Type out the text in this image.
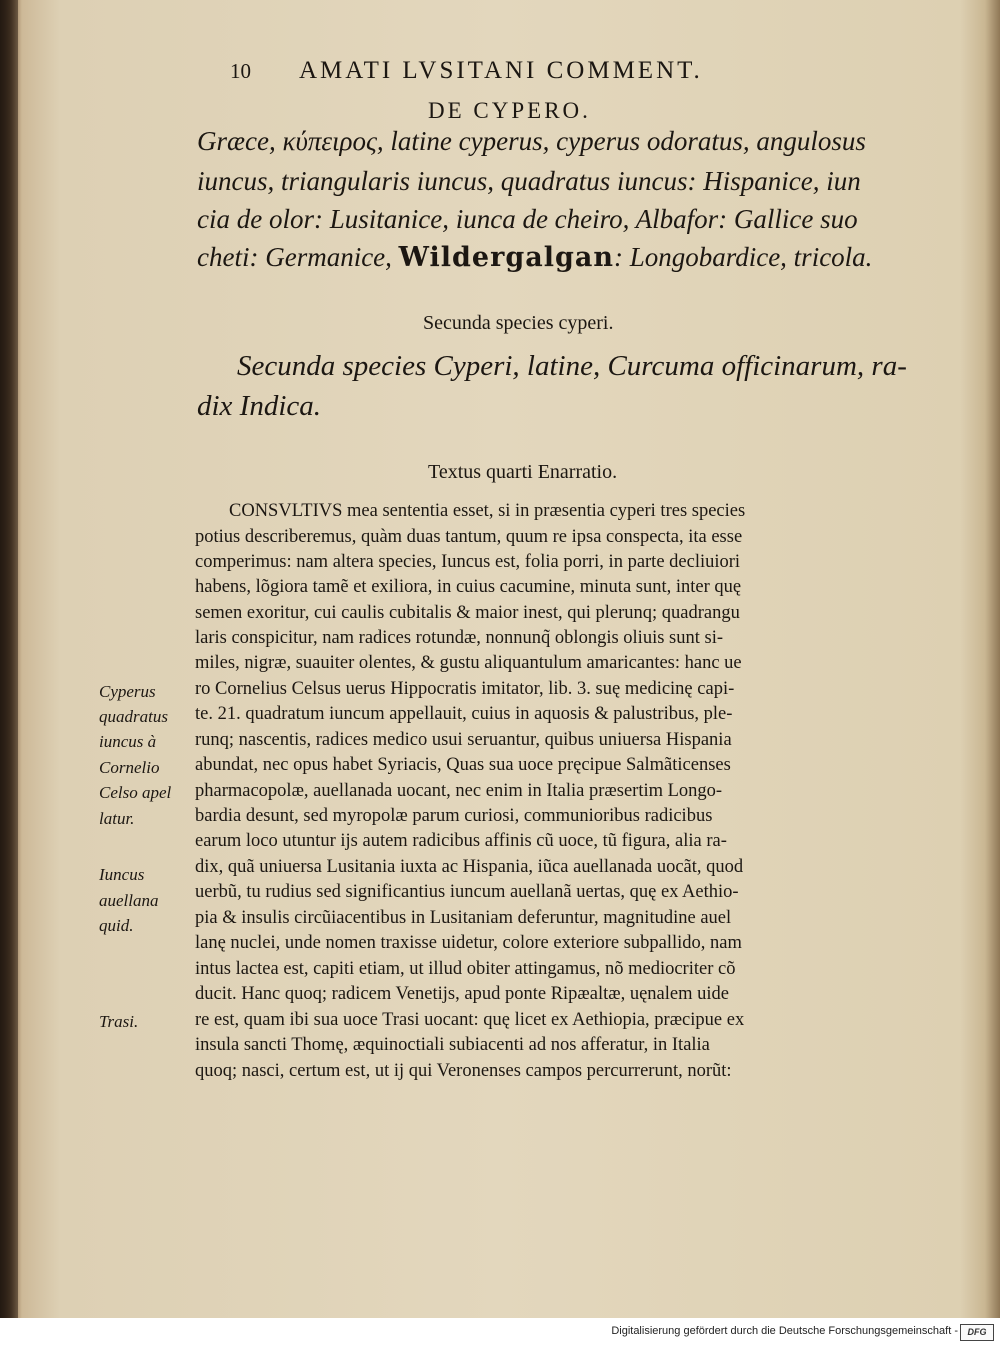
10 AMATI LVSITANI COMMENT.
DE CYPERO.
Græce, κύπειρος, latine cyperus, cyperus odoratus, angulosus
iuncus, triangularis iuncus, quadratus iuncus: Hispanice, iun
cia de olor: Lusitanice, iunca de cheiro, Albafor: Gallice suo
cheti: Germanice, Wildergalgan: Longobardice, tricola.
Secunda species cyperi.
Secunda species Cyperi, latine, Curcuma officinarum, ra-
dix Indica.
Textus quarti Enarratio.
CONSVLTIVS mea sententia esset, si in præsentia cyperi tres species
potius describeremus, quàm duas tantum, quum re ipsa conspecta, ita esse
comperimus: nam altera species, Iuncus est, folia porri, in parte decliuiori
habens, lõgiora tamẽ et exiliora, in cuius cacumine, minuta sunt, inter quę
semen exoritur, cui caulis cubitalis & maior inest, qui plerunq; quadrangu
laris conspicitur, nam radices rotundæ, nonnunq̃ oblongis oliuis sunt si-
miles, nigræ, suauiter olentes, & gustu aliquantulum amaricantes: hanc ue
ro Cornelius Celsus uerus Hippocratis imitator, lib. 3. suę medicinę capi-
te. 21. quadratum iuncum appellauit, cuius in aquosis & palustribus, ple-
runq; nascentis, radices medico usui seruantur, quibus uniuersa Hispania
abundat, nec opus habet Syriacis, Quas sua uoce pręcipue Salmãticenses
pharmacopolæ, auellanada uocant, nec enim in Italia præsertim Longo-
bardia desunt, sed myropolæ parum curiosi, communioribus radicibus
earum loco utuntur ijs autem radicibus affinis cũ uoce, tũ figura, alia ra-
dix, quã uniuersa Lusitania iuxta ac Hispania, iũca auellanada uocãt, quod
uerbũ, tu rudius sed significantius iuncum auellanã uertas, quę ex Aethio-
pia & insulis circũiacentibus in Lusitaniam deferuntur, magnitudine auel
lanę nuclei, unde nomen traxisse uidetur, colore exteriore subpallido, nam
intus lactea est, capiti etiam, ut illud obiter attingamus, nõ mediocriter cõ
ducit. Hanc quoq; radicem Venetijs, apud ponte Ripæaltæ, uęnalem uide
re est, quam ibi sua uoce Trasi uocant: quę licet ex Aethiopia, præcipue ex
insula sancti Thomę, æquinoctiali subiacenti ad nos afferatur, in Italia
quoq; nasci, certum est, ut ij qui Veronenses campos percurrerunt, norũt:
Cyperus
quadratus
iuncus à
Cornelio
Celso apel
latur.
Iuncus
auellana
quid.
Trasi.
Digitalisierung gefördert durch die Deutsche Forschungsgemeinschaft -	DFG
